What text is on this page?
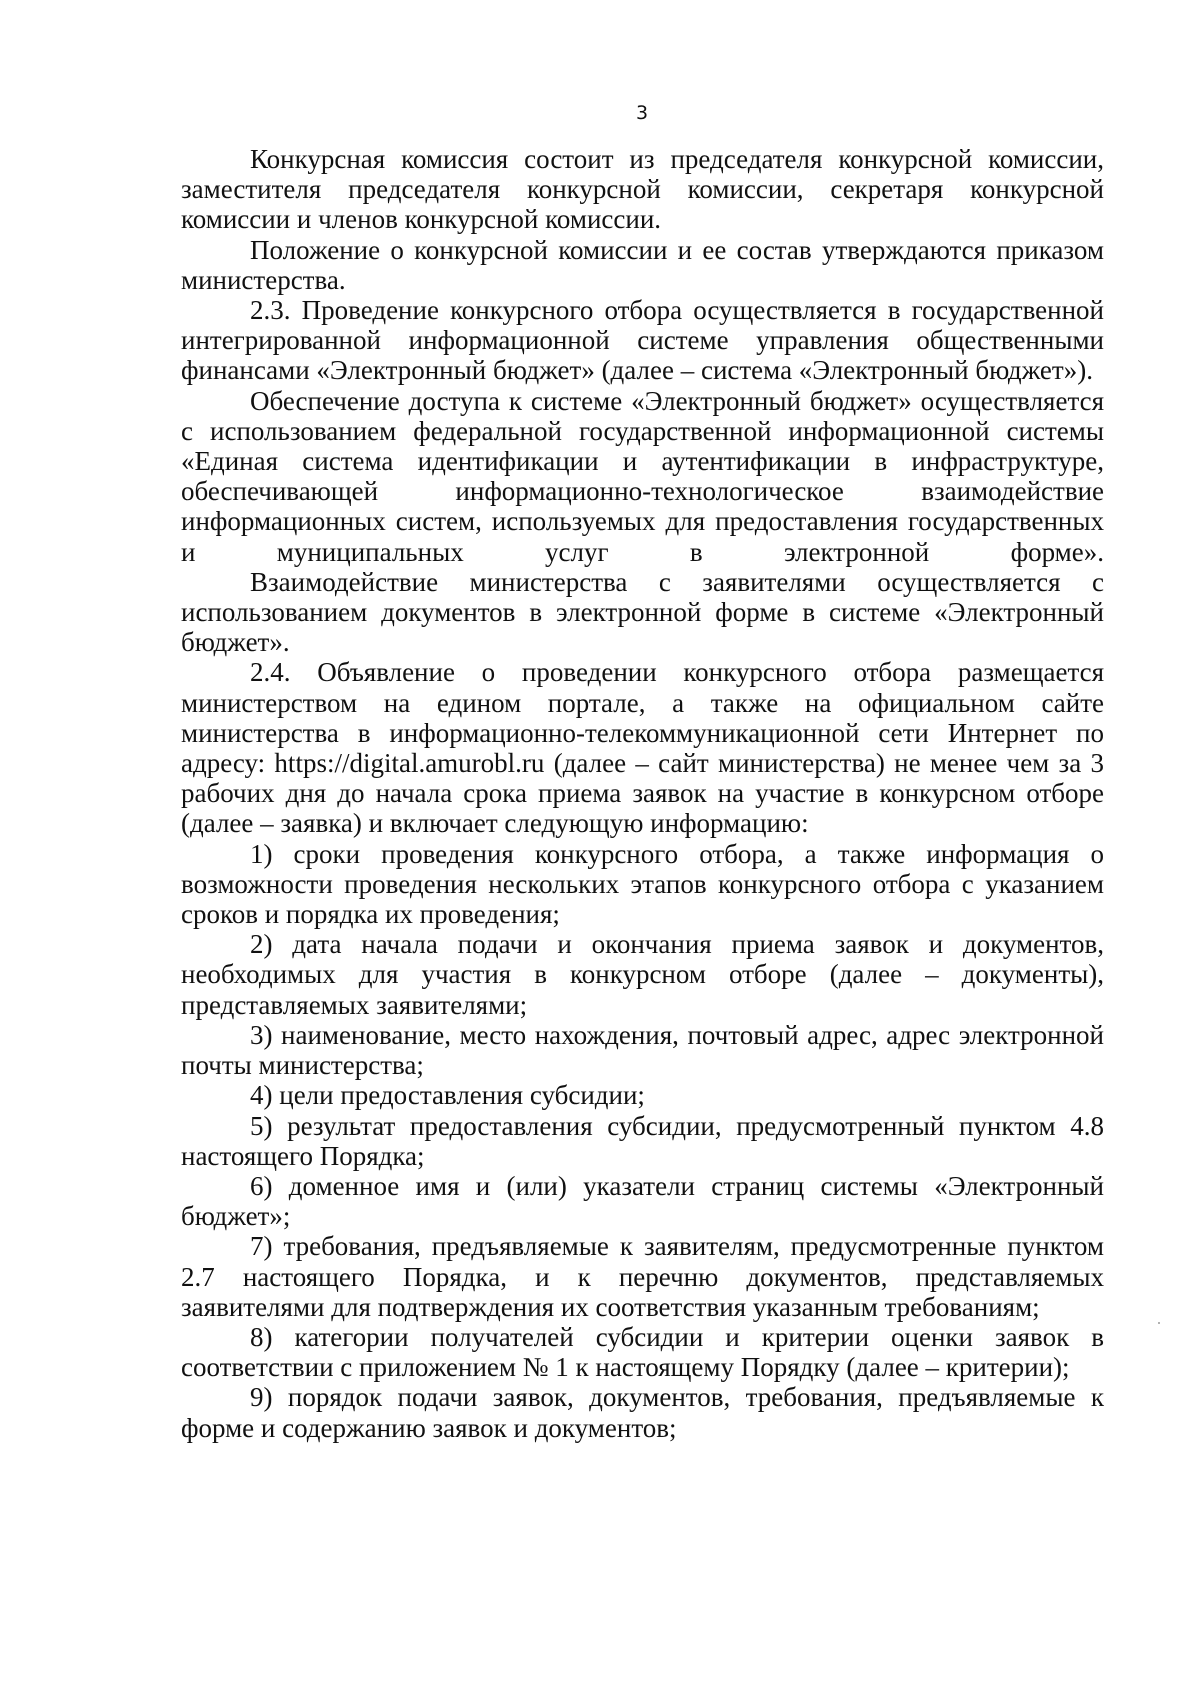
3

Конкурсная комиссия состоит из председателя конкурсной комиссии, заместителя председателя конкурсной комиссии, секретаря конкурсной комиссии и членов конкурсной комиссии.

Положение о конкурсной комиссии и ее состав утверждаются приказом министерства.

2.3. Проведение конкурсного отбора осуществляется в государственной интегрированной информационной системе управления общественными финансами «Электронный бюджет» (далее – система «Электронный бюджет»).

Обеспечение доступа к системе «Электронный бюджет» осуществляется с использованием федеральной государственной информационной системы «Единая система идентификации и аутентификации в инфраструктуре, обеспечивающей информационно-технологическое взаимодействие информационных систем, используемых для предоставления государственных и муниципальных услуг в электронной форме».

Взаимодействие министерства с заявителями осуществляется с использованием документов в электронной форме в системе «Электронный бюджет».

2.4. Объявление о проведении конкурсного отбора размещается министерством на едином портале, а также на официальном сайте министерства в информационно-телекоммуникационной сети Интернет по адресу: https://digital.amurobl.ru (далее – сайт министерства) не менее чем за 3 рабочих дня до начала срока приема заявок на участие в конкурсном отборе (далее – заявка) и включает следующую информацию:

1) сроки проведения конкурсного отбора, а также информация о возможности проведения нескольких этапов конкурсного отбора с указанием сроков и порядка их проведения;

2) дата начала подачи и окончания приема заявок и документов, необходимых для участия в конкурсном отборе (далее – документы), представляемых заявителями;

3) наименование, место нахождения, почтовый адрес, адрес электронной почты министерства;

4) цели предоставления субсидии;

5) результат предоставления субсидии, предусмотренный пунктом 4.8 настоящего Порядка;

6) доменное имя и (или) указатели страниц системы «Электронный бюджет»;

7) требования, предъявляемые к заявителям, предусмотренные пунктом 2.7 настоящего Порядка, и к перечню документов, представляемых заявителями для подтверждения их соответствия указанным требованиям;

8) категории получателей субсидии и критерии оценки заявок в соответствии с приложением № 1 к настоящему Порядку (далее – критерии);

9) порядок подачи заявок, документов, требования, предъявляемые к форме и содержанию заявок и документов;
